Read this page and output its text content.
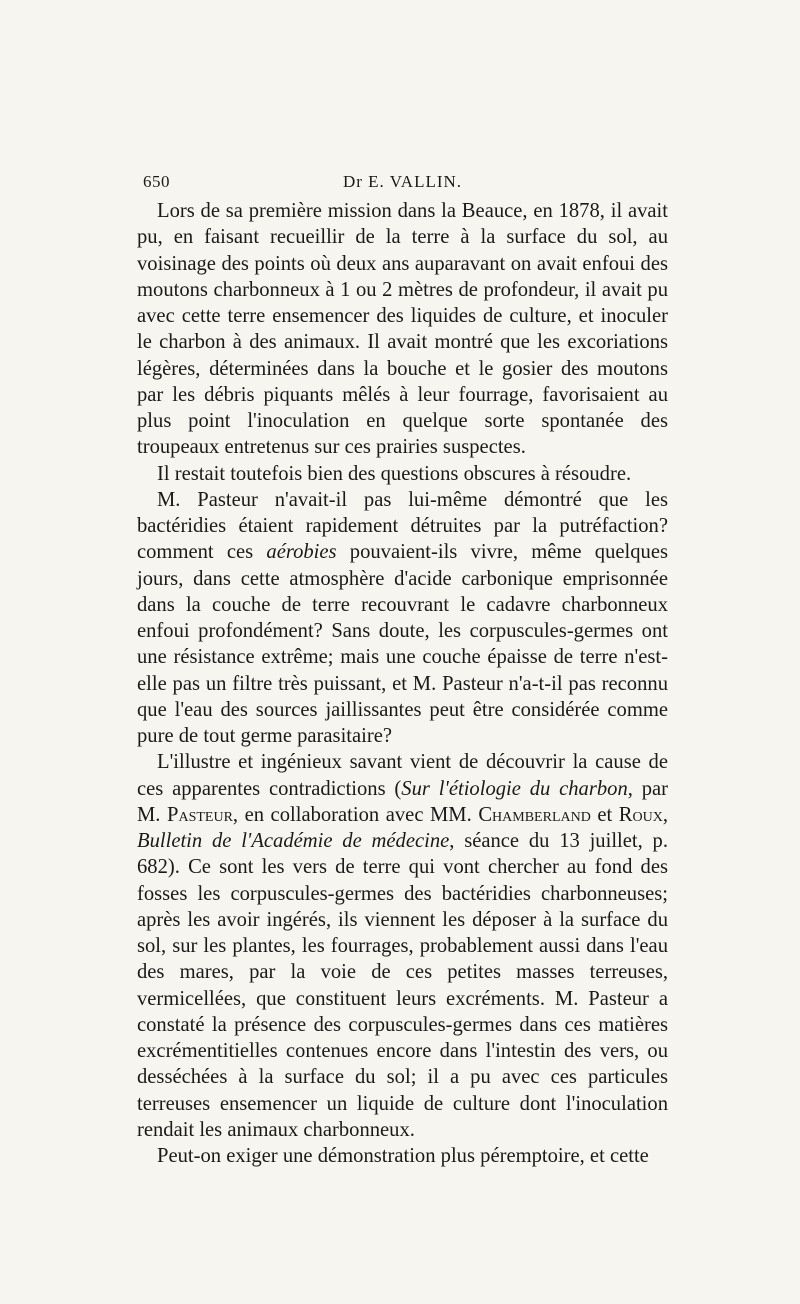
650	Dr E. VALLIN.

Lors de sa première mission dans la Beauce, en 1878, il avait pu, en faisant recueillir de la terre à la surface du sol, au voisinage des points où deux ans auparavant on avait enfoui des moutons charbonneux à 1 ou 2 mètres de profondeur, il avait pu avec cette terre ensemencer des liquides de culture, et inoculer le charbon à des animaux. Il avait montré que les excoriations légères, déterminées dans la bouche et le gosier des moutons par les débris piquants mêlés à leur fourrage, favorisaient au plus point l'inoculation en quelque sorte spontanée des troupeaux entretenus sur ces prairies suspectes.

Il restait toutefois bien des questions obscures à résoudre.

M. Pasteur n'avait-il pas lui-même démontré que les bactéridies étaient rapidement détruites par la putréfaction? comment ces aérobies pouvaient-ils vivre, même quelques jours, dans cette atmosphère d'acide carbonique emprisonnée dans la couche de terre recouvrant le cadavre charbonneux enfoui profondément? Sans doute, les corpuscules-germes ont une résistance extrême; mais une couche épaisse de terre n'est-elle pas un filtre très puissant, et M. Pasteur n'a-t-il pas reconnu que l'eau des sources jaillissantes peut être considérée comme pure de tout germe parasitaire?

L'illustre et ingénieux savant vient de découvrir la cause de ces apparentes contradictions (Sur l'étiologie du charbon, par M. Pasteur, en collaboration avec MM. Chamberland et Roux, Bulletin de l'Académie de médecine, séance du 13 juillet, p. 682). Ce sont les vers de terre qui vont chercher au fond des fosses les corpuscules-germes des bactéridies charbonneuses; après les avoir ingérés, ils viennent les déposer à la surface du sol, sur les plantes, les fourrages, probablement aussi dans l'eau des mares, par la voie de ces petites masses terreuses, vermicellées, que constituent leurs excréments. M. Pasteur a constaté la présence des corpuscules-germes dans ces matières excrémentitielles contenues encore dans l'intestin des vers, ou desséchées à la surface du sol; il a pu avec ces particules terreuses ensemencer un liquide de culture dont l'inoculation rendait les animaux charbonneux.

Peut-on exiger une démonstration plus péremptoire, et cette
